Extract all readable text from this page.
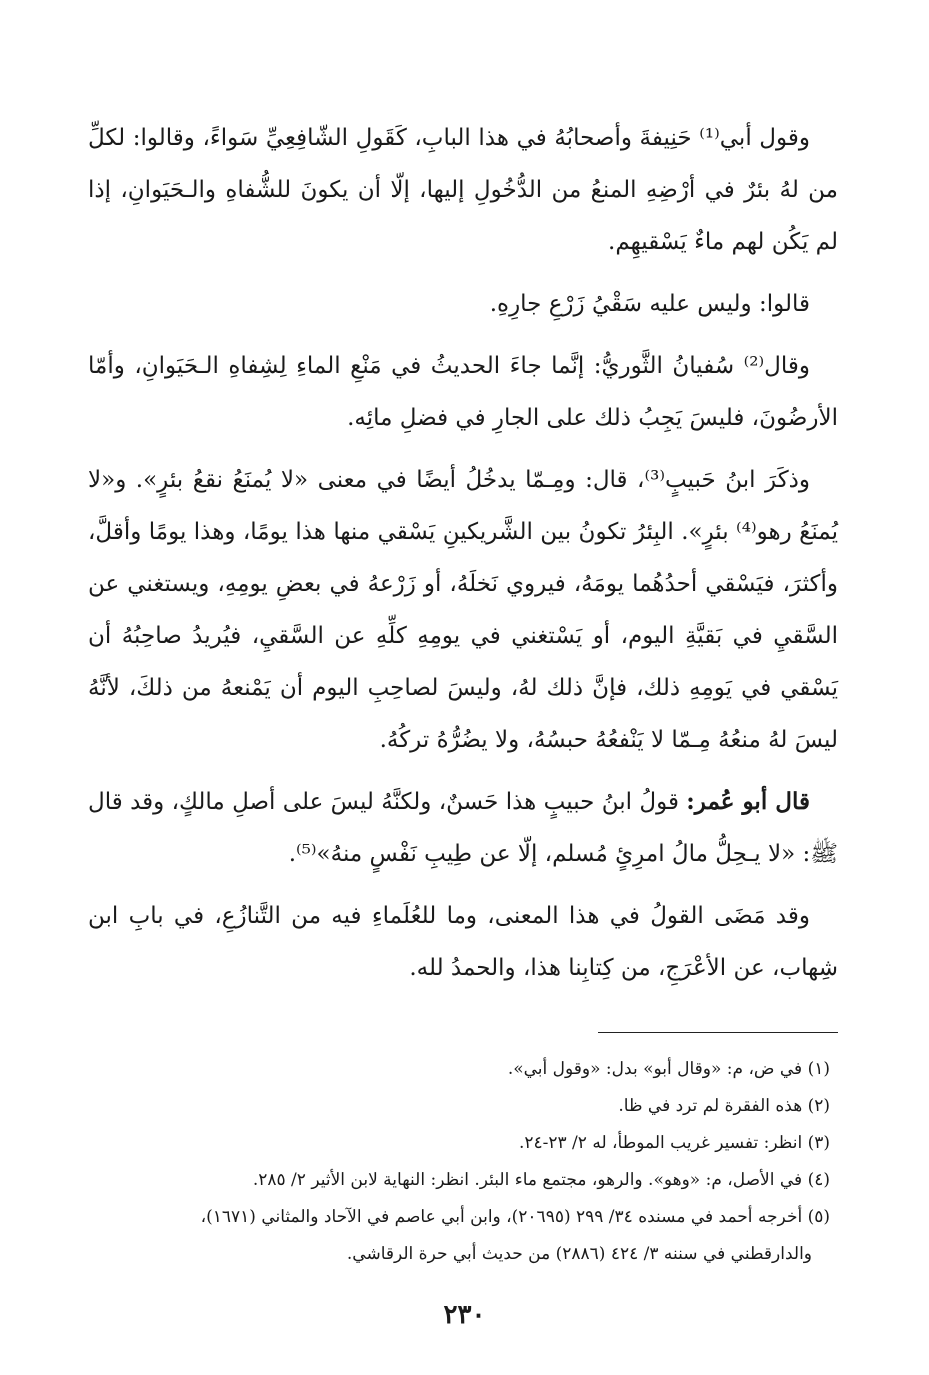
وقول أبي⁽¹⁾ حَنِيفةَ وأصحابُهُ في هذا البابِ، كَقَولِ الشّافِعِيِّ سَواءً، وقالوا: لكلِّ من لهُ بئرٌ في أرْضِهِ المنعُ من الدُّخُولِ إليها، إلّا أن يكونَ للشُّفاهِ والـحَيَوانِ، إذا لم يَكُن لهم ماءٌ يَسْقيهِم.

قالوا: وليس عليه سَقْيُ زَرْعِ جارِهِ.

وقال⁽²⁾ سُفيانُ الثَّوريُّ: إنَّما جاءَ الحديثُ في مَنْعِ الماءِ لِشِفاهِ الـحَيَوانِ، وأمّا الأرضُونَ، فليسَ يَجِبُ ذلك على الجارِ في فضلِ مائِه.

وذكَرَ ابنُ حَبيبٍ⁽³⁾، قال: ومِـمّا يدخُلُ أيضًا في معنى «لا يُمنَعُ نقعُ بئرٍ». و«لا يُمنَعُ رهو⁽⁴⁾ بئرٍ». البِئرُ تكونُ بين الشَّريكينِ يَسْقي منها هذا يومًا، وهذا يومًا وأقلَّ، وأكثرَ، فيَسْقي أحدُهُما يومَهُ، فيروي نَخلَهُ، أو زَرْعهُ في بعضِ يومِهِ، ويستغني عن السَّقيِ في بَقيَّةِ اليوم، أو يَسْتغني في يومِهِ كلِّهِ عن السَّقيِ، فيُريدُ صاحِبُهُ أن يَسْقي في يَومِهِ ذلك، فإنَّ ذلك لهُ، وليسَ لصاحِبِ اليوم أن يَمْنعهُ من ذلكَ، لأنَّهُ ليسَ لهُ منعُهُ مِـمّا لا يَنْفعُهُ حبسُهُ، ولا يضُرُّهُ تركُهُ.

قال أبو عُمر: قولُ ابنُ حبيبٍ هذا حَسنٌ، ولكنَّهُ ليسَ على أصلِ مالكٍ، وقد قال ﷺ: «لا يـحِلُّ مالُ امرِئٍ مُسلم، إلّا عن طِيبِ نَفْسٍ منهُ»⁽⁵⁾.

وقد مَضَى القولُ في هذا المعنى، وما للعُلَماءِ فيه من التَّنازُعِ، في بابِ ابن شِهاب، عن الأعْرَجِ، من كِتابِنا هذا، والحمدُ لله.

(١) في ض، م: «وقال أبو» بدل: «وقول أبي».

(٢) هذه الفقرة لم ترد في ظا.

(٣) انظر: تفسير غريب الموطأ، له ٢/ ٢٣-٢٤.

(٤) في الأصل، م: «وهو». والرهو، مجتمع ماء البئر. انظر: النهاية لابن الأثير ٢/ ٢٨٥.

(٥) أخرجه أحمد في مسنده ٣٤/ ٢٩٩ (٢٠٦٩٥)، وابن أبي عاصم في الآحاد والمثاني (١٦٧١)،

والدارقطني في سننه ٣/ ٤٢٤ (٢٨٨٦) من حديث أبي حرة الرقاشي.

٢٣٠
